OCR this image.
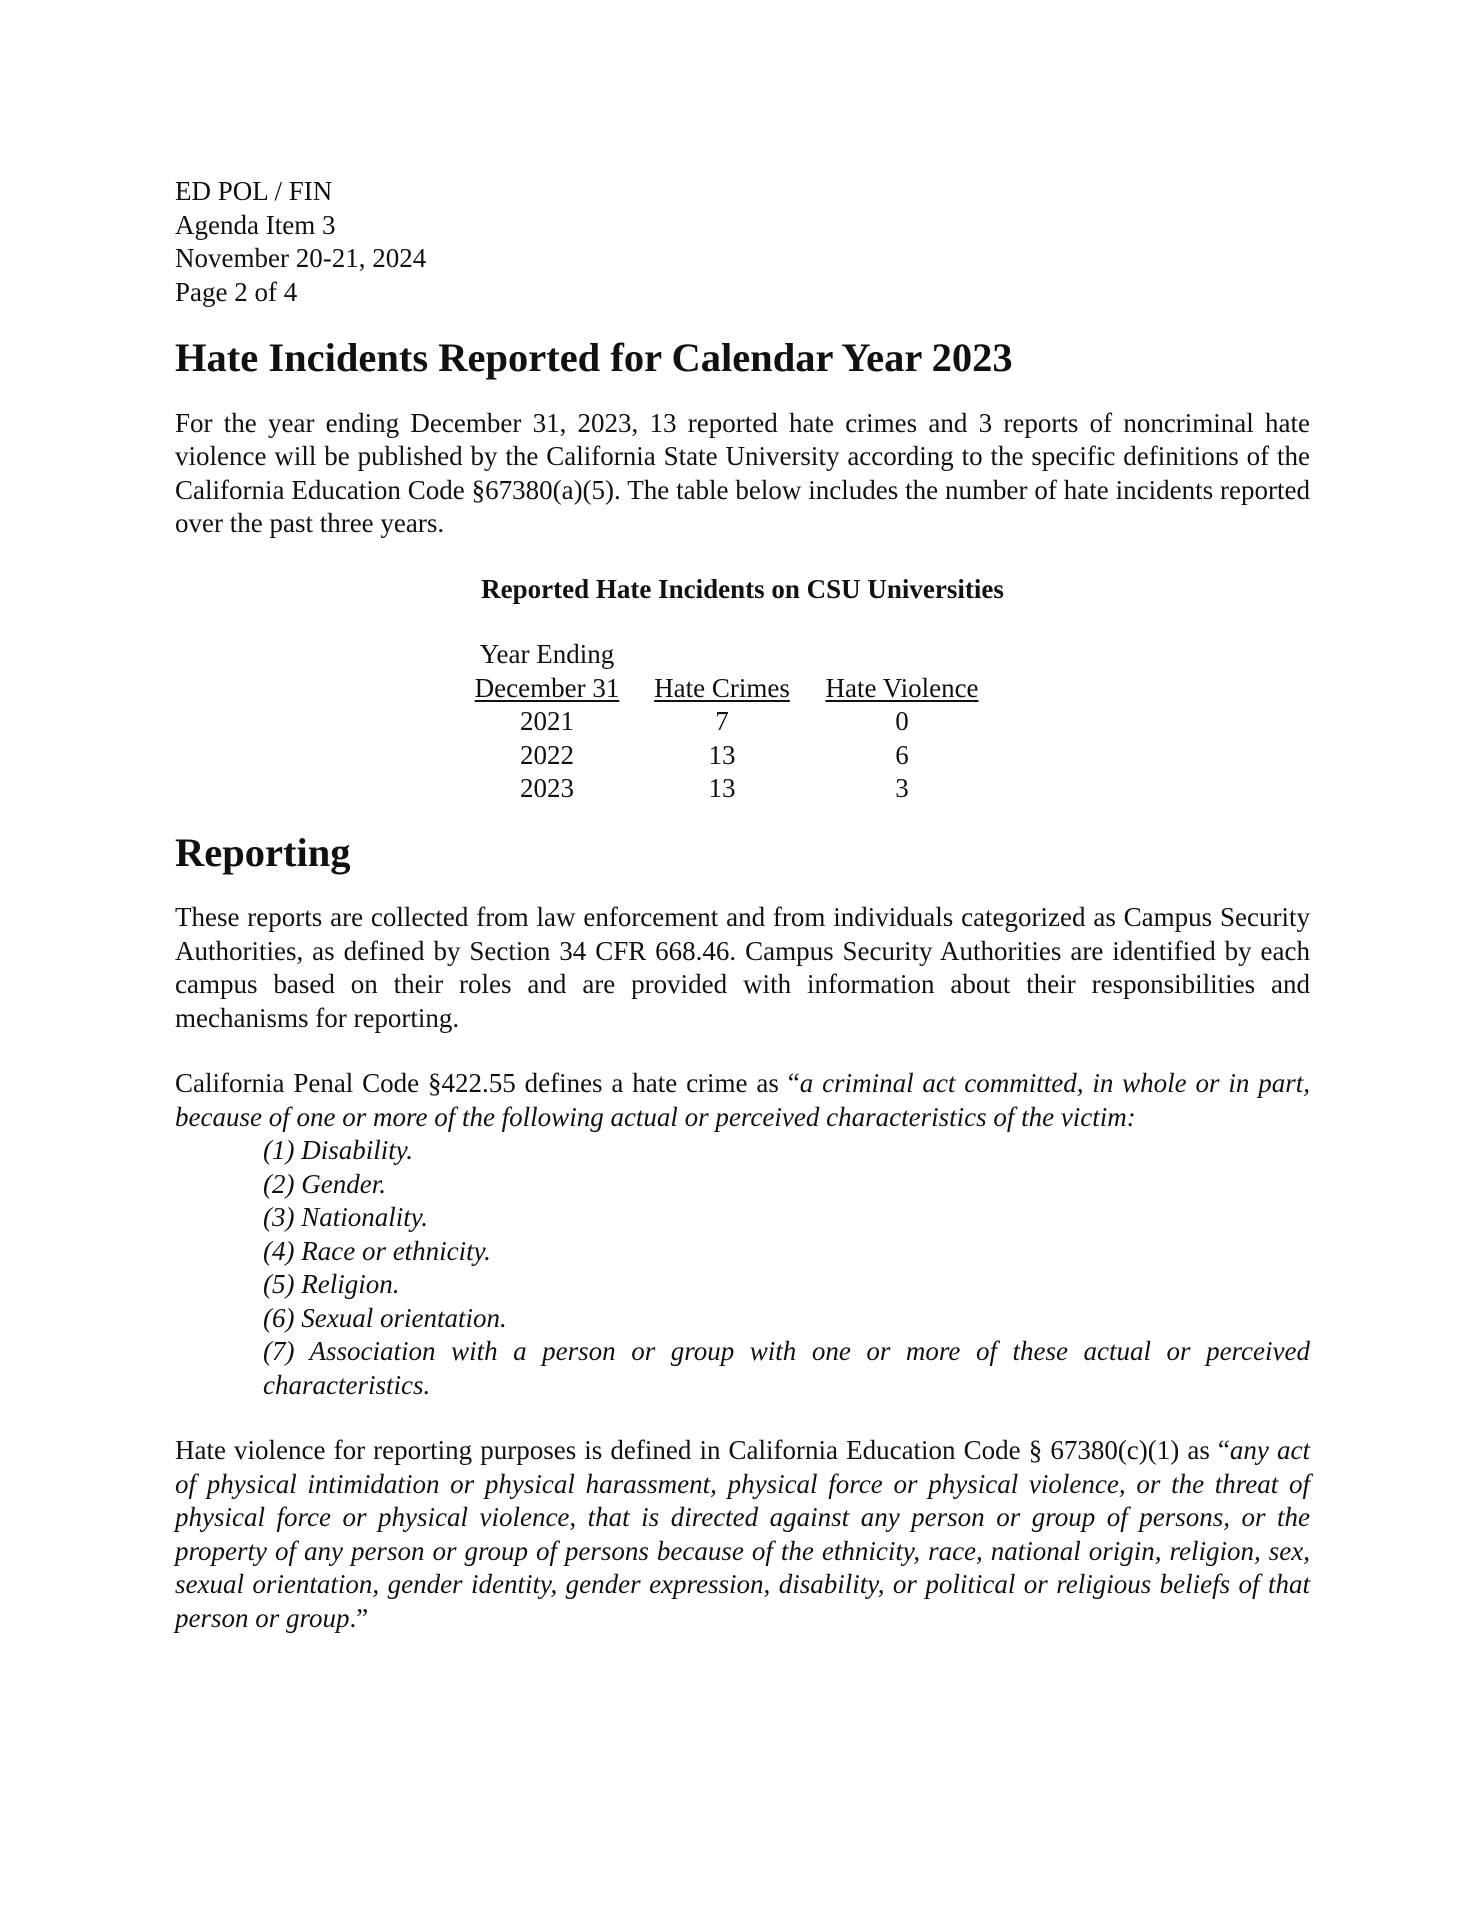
ED POL / FIN
Agenda Item 3
November 20-21, 2024
Page 2 of 4
Hate Incidents Reported for Calendar Year 2023

For the year ending December 31, 2023, 13 reported hate crimes and 3 reports of noncriminal hate violence will be published by the California State University according to the specific definitions of the California Education Code §67380(a)(5). The table below includes the number of hate incidents reported over the past three years.

Reported Hate Incidents on CSU Universities

Year Ending
December 31	Hate Crimes	Hate Violence
2021	7	0
2022	13	6
2023	13	3
Reporting

These reports are collected from law enforcement and from individuals categorized as Campus Security Authorities, as defined by Section 34 CFR 668.46. Campus Security Authorities are identified by each campus based on their roles and are provided with information about their responsibilities and mechanisms for reporting.

California Penal Code §422.55 defines a hate crime as “a criminal act committed, in whole or in part, because of one or more of the following actual or perceived characteristics of the victim:

(1) Disability.
(2) Gender.
(3) Nationality.
(4) Race or ethnicity.
(5) Religion.
(6) Sexual orientation.
(7) Association with a person or group with one or more of these actual or perceived characteristics.

Hate violence for reporting purposes is defined in California Education Code § 67380(c)(1) as “any act of physical intimidation or physical harassment, physical force or physical violence, or the threat of physical force or physical violence, that is directed against any person or group of persons, or the property of any person or group of persons because of the ethnicity, race, national origin, religion, sex, sexual orientation, gender identity, gender expression, disability, or political or religious beliefs of that person or group.”
